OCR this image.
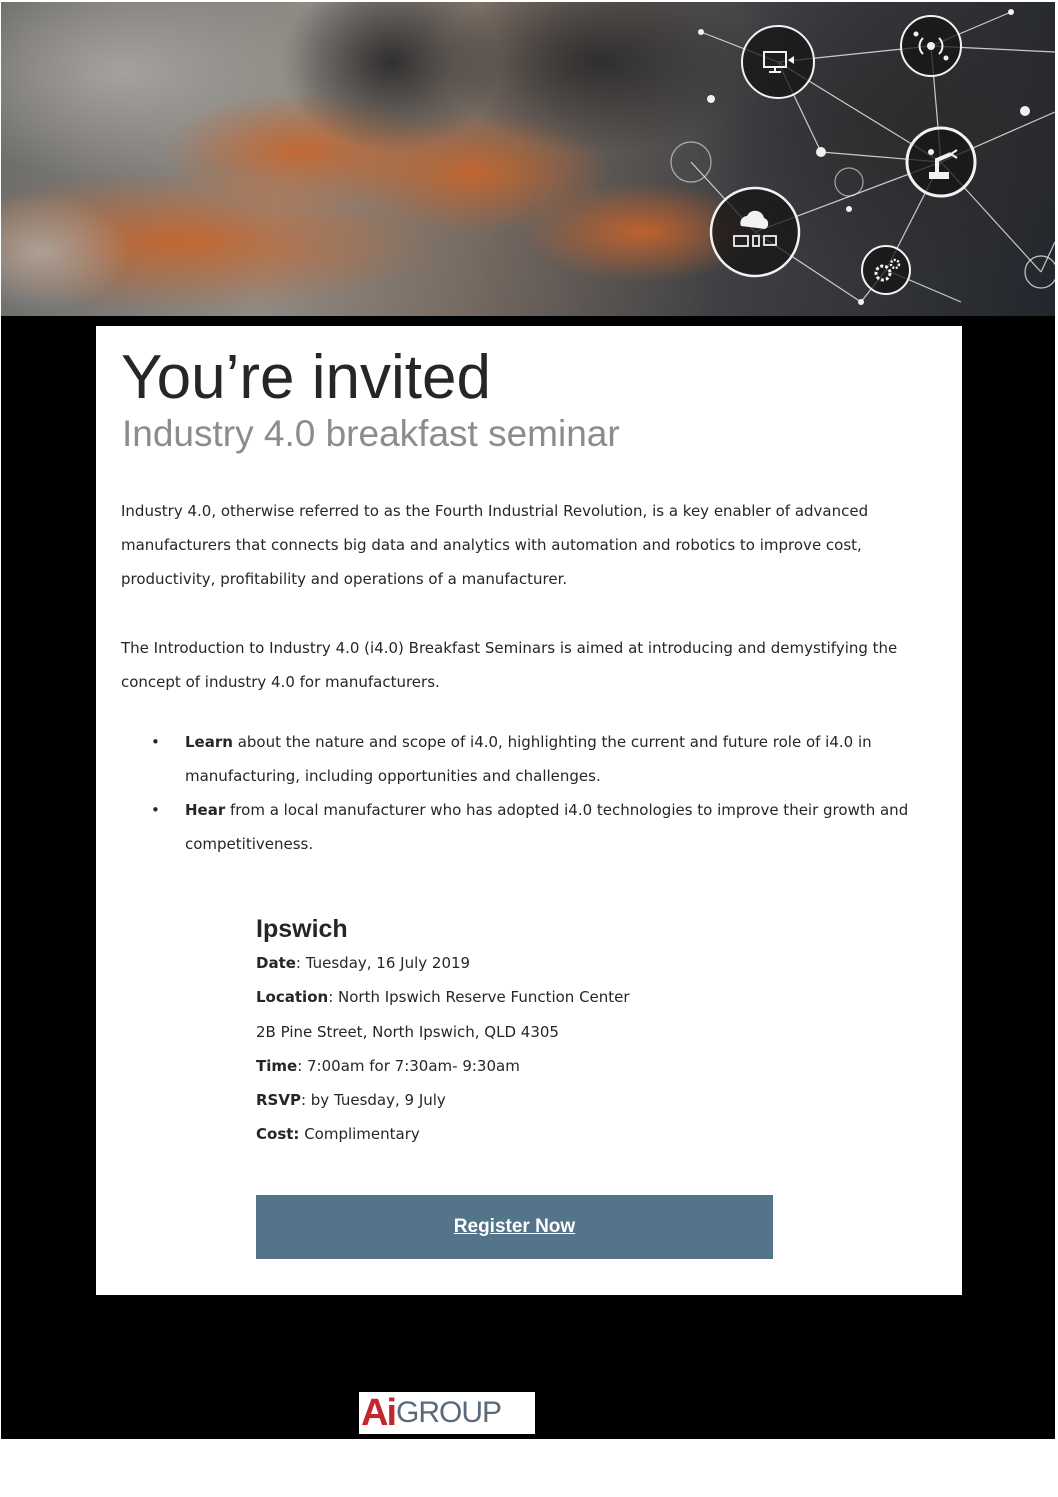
You’re invited
Industry 4.0 breakfast seminar

Industry 4.0, otherwise referred to as the Fourth Industrial Revolution, is a key enabler of advanced manufacturers that connects big data and analytics with automation and robotics to improve cost, productivity, profitability and operations of a manufacturer.

The Introduction to Industry 4.0 (i4.0) Breakfast Seminars is aimed at introducing and demystifying the concept of industry 4.0 for manufacturers.

• Learn about the nature and scope of i4.0, highlighting the current and future role of i4.0 in manufacturing, including opportunities and challenges.
• Hear from a local manufacturer who has adopted i4.0 technologies to improve their growth and competitiveness.
Ipswich
Date: Tuesday, 16 July 2019
Location: North Ipswich Reserve Function Center
2B Pine Street, North Ipswich, QLD 4305
Time: 7:00am for 7:30am- 9:30am
RSVP: by Tuesday, 9 July
Cost: Complimentary
Register Now
Ai GROUP
